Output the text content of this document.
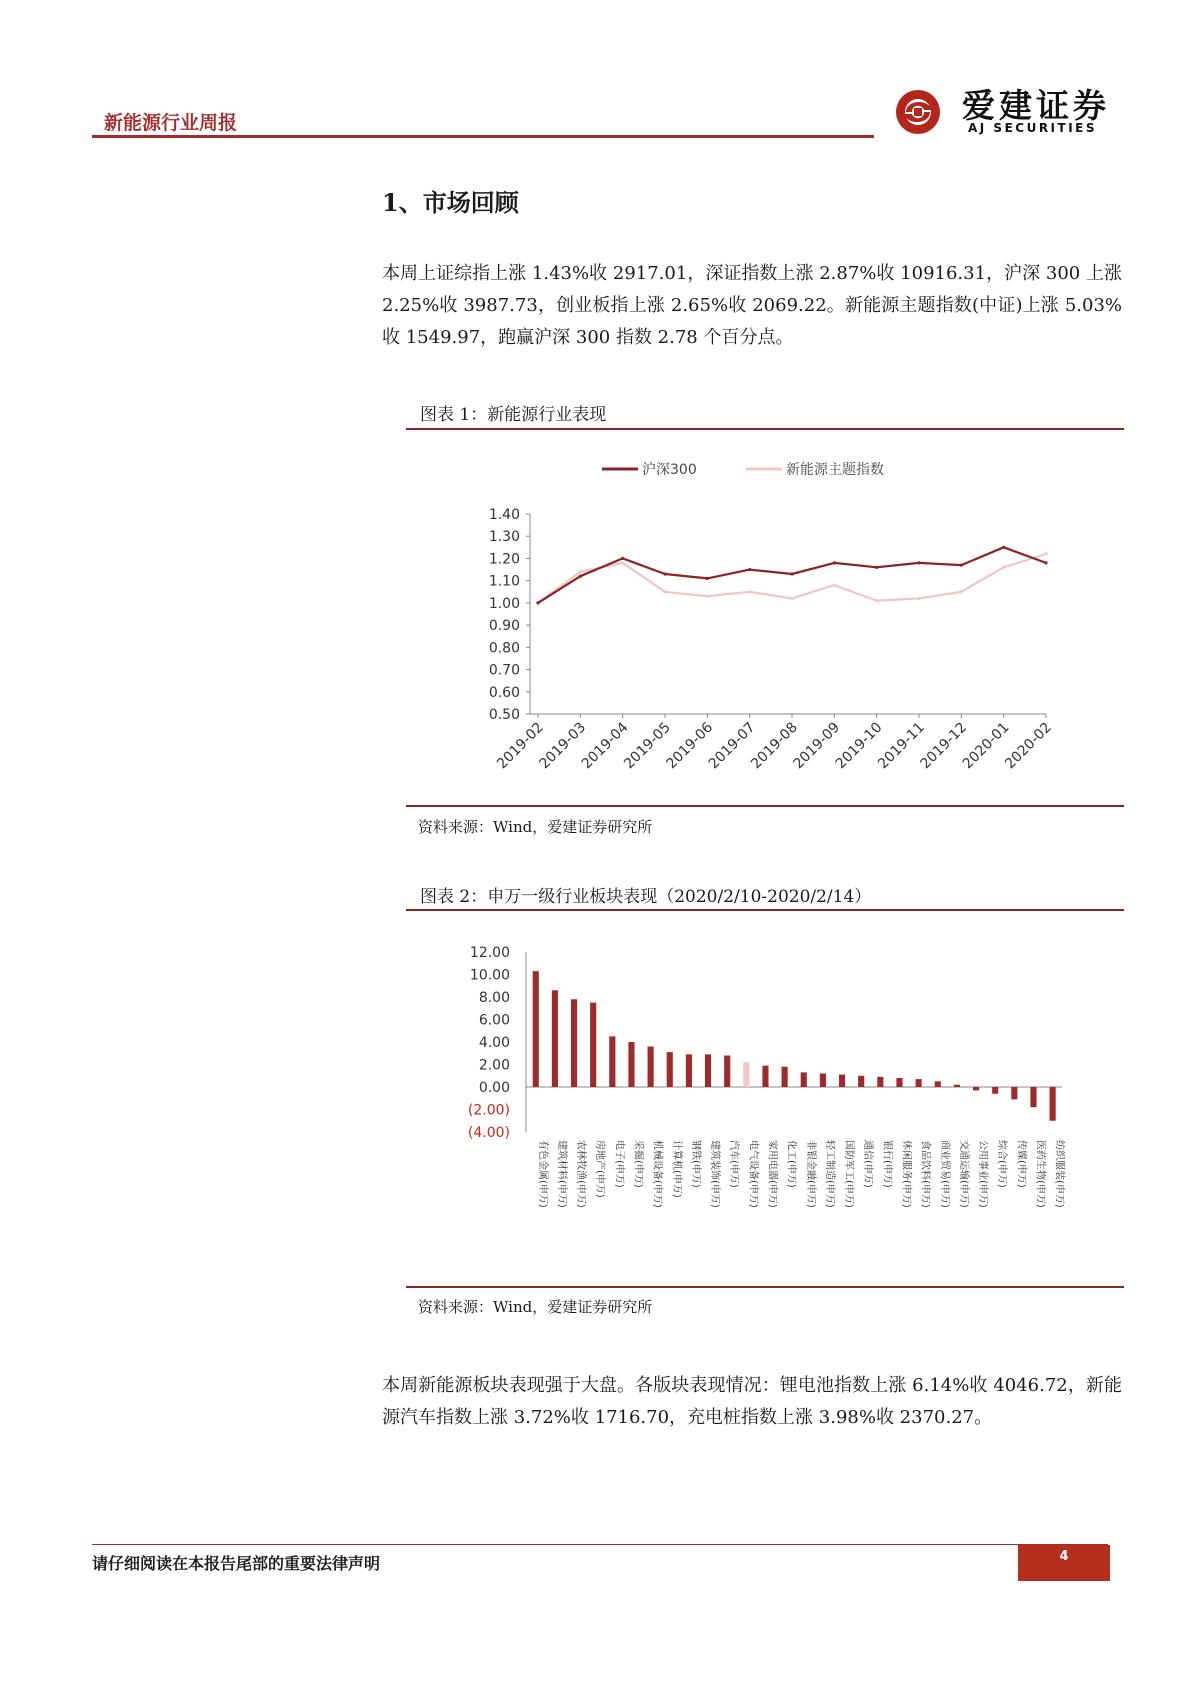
新能源行业周报	爱建证券
AJ SECURITIES
1、市场回顾
本周上证综指上涨 1.43%收 2917.01，深证指数上涨 2.87%收 10916.31，沪深 300 上涨 2.25%收 3987.73，创业板指上涨 2.65%收 2069.22。新能源主题指数(中证)上涨 5.03%收 1549.97，跑赢沪深 300 指数 2.78 个百分点。
图表 1：新能源行业表现
沪深300	新能源主题指数
1.40
1.30
1.20
1.10
1.00
0.90
0.80
0.70
0.60
0.50
2019-02
2019-03
2019-04
2019-05
2019-06
2019-07
2019-08
2019-09
2019-10
2019-11
2019-12
2020-01
2020-02
资料来源：Wind，爱建证券研究所
图表 2：申万一级行业板块表现（2020/2/10-2020/2/14）
12.00
10.00
8.00
6.00
4.00
2.00
0.00
(2.00)
(4.00)
有色金属(申万) 建筑材料(申万) 农林牧渔(申万) 房地产(申万) 电子(申万) 采掘(申万) 机械设备(申万) 计算机(申万) 钢铁(申万) 建筑装饰(申万) 汽车(申万) 电气设备(申万) 家用电器(申万) 化工(申万) 非银金融(申万) 轻工制造(申万) 国防军工(申万) 通信(申万) 银行(申万) 休闲服务(申万) 食品饮料(申万) 商业贸易(申万) 交通运输(申万) 公用事业(申万) 综合(申万) 传媒(申万) 医药生物(申万) 纺织服装(申万)
资料来源：Wind，爱建证券研究所
本周新能源板块表现强于大盘。各版块表现情况：锂电池指数上涨 6.14%收 4046.72，新能源汽车指数上涨 3.72%收 1716.70，充电桩指数上涨 3.98%收 2370.27。
请仔细阅读在本报告尾部的重要法律声明	4
